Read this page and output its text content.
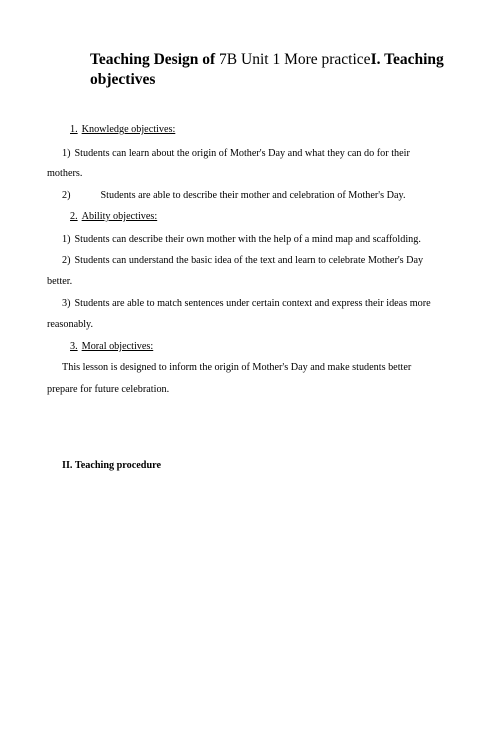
Teaching Design of 7B Unit 1 More practiceI. Teaching
objectives
1. Knowledge objectives:
1) Students can learn about the origin of Mother's Day and what they can do for their
mothers.
2)	Students are able to describe their mother and celebration of Mother's Day.
2. Ability objectives:
1) Students can describe their own mother with the help of a mind map and scaffolding.
2) Students can understand the basic idea of the text and learn to celebrate Mother's Day
better.
3) Students are able to match sentences under certain context and express their ideas more
reasonably.
3. Moral objectives:
This lesson is designed to inform the origin of Mother's Day and make students better
prepare for future celebration.
II. Teaching procedure
